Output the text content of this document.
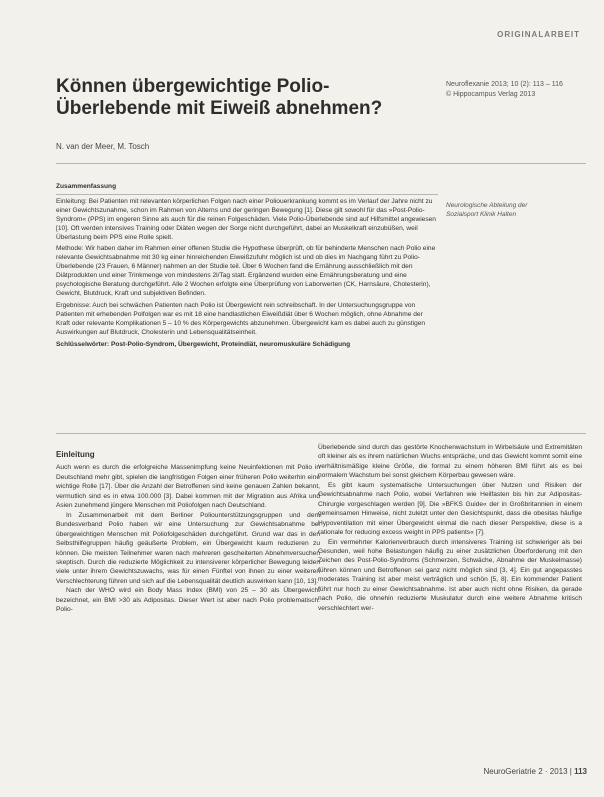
ORIGINALARBEIT
Können übergewichtige Polio-
Überlebende mit Eiweiß abnehmen?
Neuroflexanie 2013; 10 (2): 113 – 116
© Hippocampus Verlag 2013
N. van der Meer, M. Tosch
Neurologische Abteilung der
Sozialsport Klinik Halten
Zusammenfassung

Einleitung: Bei Patienten mit relevanten körperlichen Folgen nach einer Poliouerkrankung kommt es im Verlauf der Jahre nicht zu einer Gewichtszunahme, schon im Rahmen von Alterns und der geringen Bewegung [1]. Diese gilt sowohl für das »Post-Polio-Syndrom« (PPS) im engeren Sinne als auch für die reinen Folgeschäden. Viele Polio-Überlebende sind auf Hilfsmittel angewiesen [10]. Oft werden intensives Training oder Diäten wegen der Sorge nicht durchgeführt, dabei an Muskelkraft einzubüßen, weil Überlastung beim PPS eine Rolle spielt.

Methode: Wir haben daher im Rahmen einer offenen Studie die Hypothese überprüft, ob für behinderte Menschen nach Polio eine relevante Gewichtsabnahme mit 30 kg einer hinreichenden Eiweißzufuhr möglich ist und ob dies im Nachgang führt zu Polio-Überlebende (23 Frauen, 6 Männer) nahmen an der Studie teil. Über 6 Wochen fand die Ernährung ausschließlich mit den Diätprodukten und einer Trinkmenge von mindestens 2l/Tag statt. Ergänzend wurden eine Ernährungsberatung und eine psychologische Beratung durchgeführt. Alle 2 Wochen erfolgte eine Überprüfung von Laborwerten (CK, Harnsäure, Cholesterin), Gewicht, Blutdruck, Kraft und subjektiven Befinden.

Ergebnisse: Auch bei schwächen Patienten nach Polio ist Übergewicht rein schreibschaft. In der Untersuchungsgruppe von Patienten mit erhebenden Polfolgen war es mit 18 eine handlastlichen Eiweißdiät über 6 Wochen möglich, ohne Abnahme der Kraft oder relevante Komplikationen 5 – 10 % des Körpergewichts abzunehmen. Übergewicht kam es dabei auch zu günstigen Auswirkungen auf Blutdruck, Cholesterin und Lebensqualitätseinheit.

Schlüsselwörter: Post-Polio-Syndrom, Übergewicht, Proteindiät, neuromuskuläre Schädigung

Einleitung

Auch wenn es durch die erfolgreiche Massenimpfung keine Neuinfektionen mit Polio in Deutschland mehr gibt, spielen die langfristigen Folgen einer früheren Polio weiterhin eine wichtige Rolle [17]. Über die Anzahl der Betroffenen sind keine genauen Zahlen bekannt, vermutlich sind es in etwa 100.000 [3]. Dabei kommen mit der Migration aus Afrika und Asien zunehmend jüngere Menschen mit Poliofolgen nach Deutschland.

In Zusammenarbeit mit dem Berliner Poliounterstützungsgruppen und dem Bundesverband Polio haben wir eine Untersuchung zur Gewichtsabnahme bei übergewichtigen Menschen mit Poliofolgeschäden durchgeführt. Grund war das in den Selbsthilfegruppen häufig geäußerte Problem, ein Übergewicht kaum reduzieren zu können. Die meisten Teilnehmer waren nach mehreren gescheiterten Abnehmversuchen skeptisch. Durch die reduzierte Möglichkeit zu intensiverer körperlicher Bewegung leiden viele unter ihrem Gewichtszuwachs, was für einen Fünftel von ihnen zu einer weiteren Verschlechterung führen und sich auf die Lebensqualität deutlich auswirken kann [10, 13].

Nach der WHO wird ein Body Mass Index (BMI) von 25 – 30 als Übergewicht bezeichnet, ein BMI >30 als Adipositas. Dieser Wert ist aber nach Polio problematisch: Polio-

Überlebende sind durch das gestörte Knochenwachstum in Wirbelsäule und Extremitäten oft kleiner als es ihrem natürlichen Wuchs entspräche, und das Gewicht kommt somit eine verhältnismäßige kleine Größe, die formal zu einem höheren BMI führt als es bei normalem Wachstum bei sonst gleichem Körperbau gewesen wäre.

Es gibt kaum systematische Untersuchungen über Nutzen und Risiken der Gewichtsabnahme nach Polio, wobei Verfahren wie Heilfasten bis hin zur Adipositas-Chirurgie vorgeschlagen werden [9]. Die »BFKS Guide« der in Großbritannien in einem gemeinsamen Hinweise, nicht zuletzt unter den Gesichtspunkt, dass die obesitas häufige Hypoventilation mit einer Übergewicht einmal die nach dieser Perspektive, diese is a rationale for reducing excess weight in PPS patients« [7].

Ein vermehrter Kalorienverbrauch durch intensiveres Training ist schwieriger als bei Gesunden, weil hohe Belastungen häufig zu einer zusätzlichen Überforderung mit den Zeichen des Post-Polio-Syndroms (Schmerzen, Schwäche, Abnahme der Muskelmasse) führen können und Betroffenen sei ganz nicht möglich sind [3, 4]. Ein gut angepasstes moderates Training ist aber meist verträglich und schön [5, 8]. Ein kommender Patient führt nur hoch zu einer Gewichtsabnahme. Ist aber auch nicht ohne Risiken, da gerade nach Polio, die ohnehin reduzierte Muskulatur durch eine weitere Abnahme kritisch verschlechtert wer-

NeuroGeriatrie 2 · 2013 | 113
